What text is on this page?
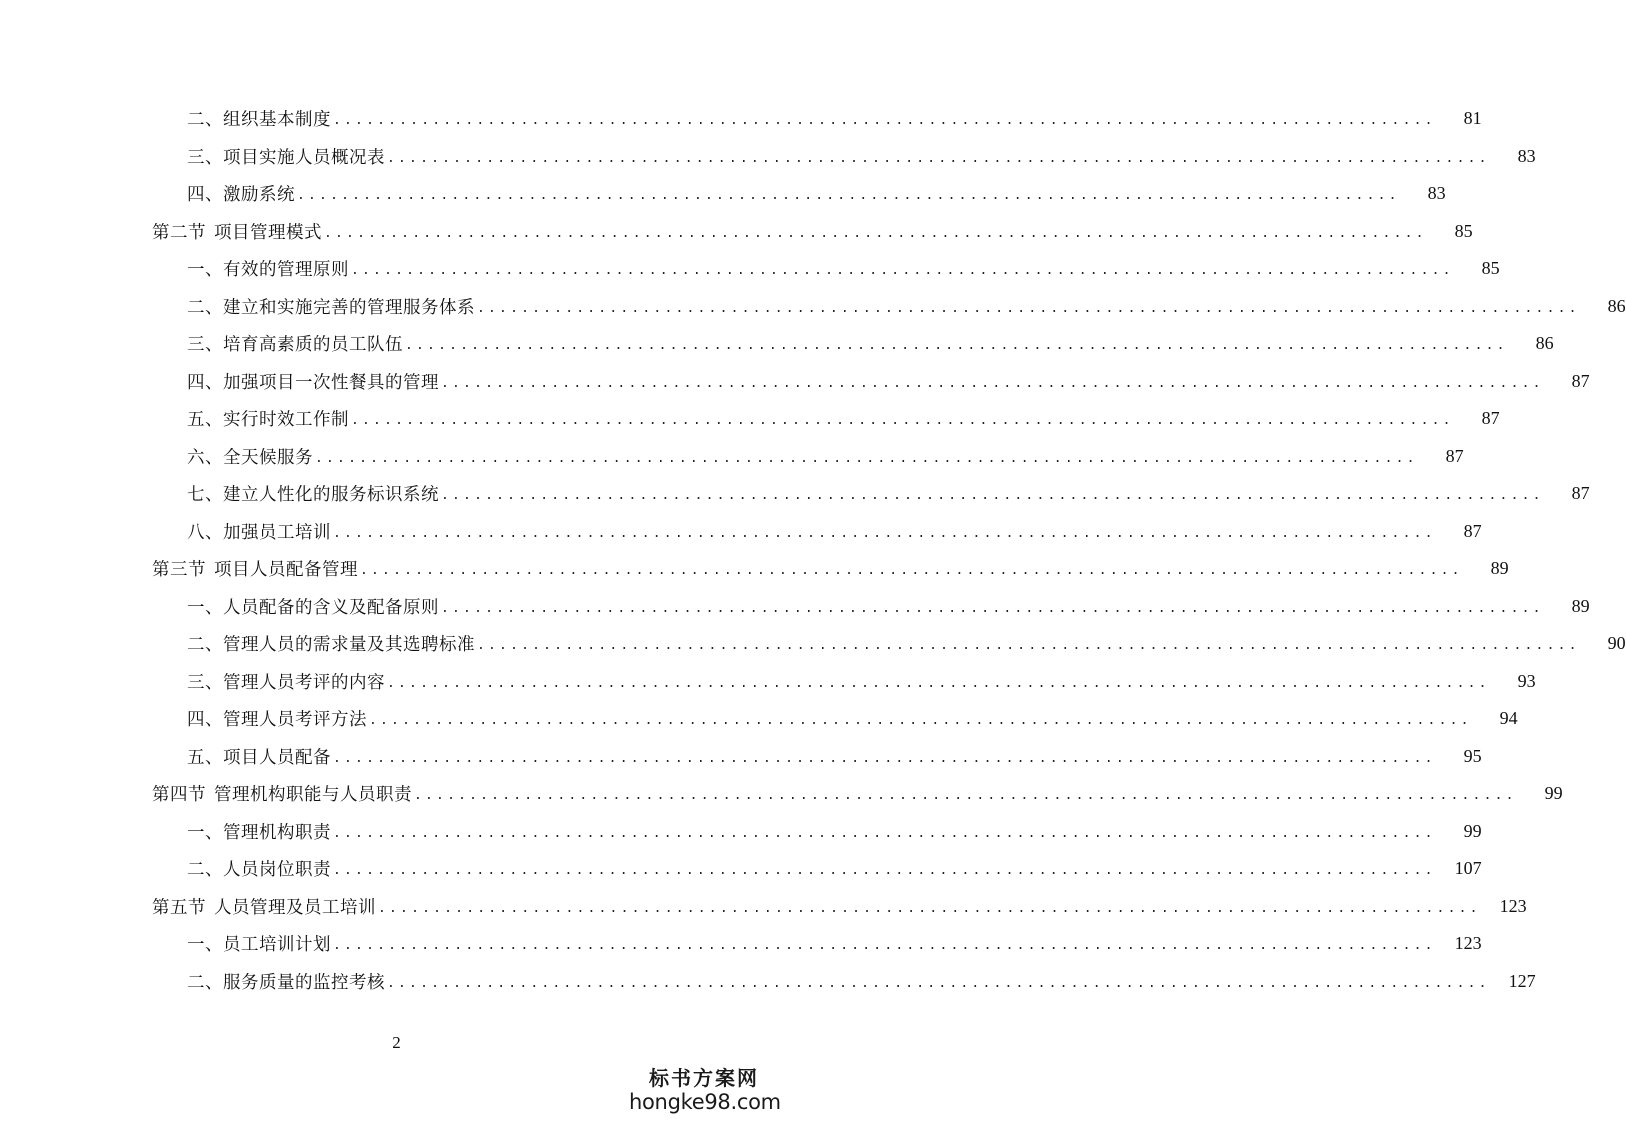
二、组织基本制度 ....................................................................................................	81
三、项目实施人员概况表 ....................................................................................................	83
四、激励系统 ....................................................................................................	83
第二节 项目管理模式 ....................................................................................................	85
一、有效的管理原则 ....................................................................................................	85
二、建立和实施完善的管理服务体系 ....................................................................................................	86
三、培育高素质的员工队伍 ....................................................................................................	86
四、加强项目一次性餐具的管理 ....................................................................................................	87
五、实行时效工作制 ....................................................................................................	87
六、全天候服务 ....................................................................................................	87
七、建立人性化的服务标识系统 ....................................................................................................	87
八、加强员工培训 ....................................................................................................	87
第三节 项目人员配备管理 ....................................................................................................	89
一、人员配备的含义及配备原则 ....................................................................................................	89
二、管理人员的需求量及其选聘标准 ....................................................................................................	90
三、管理人员考评的内容 ....................................................................................................	93
四、管理人员考评方法 ....................................................................................................	94
五、项目人员配备 ....................................................................................................	95
第四节 管理机构职能与人员职责 ....................................................................................................	99
一、管理机构职责 ....................................................................................................	99
二、人员岗位职责 ....................................................................................................	107
第五节 人员管理及员工培训 ....................................................................................................	123
一、员工培训计划 ....................................................................................................	123
二、服务质量的监控考核 ....................................................................................................	127
2
标书方案网
hongke98.com
